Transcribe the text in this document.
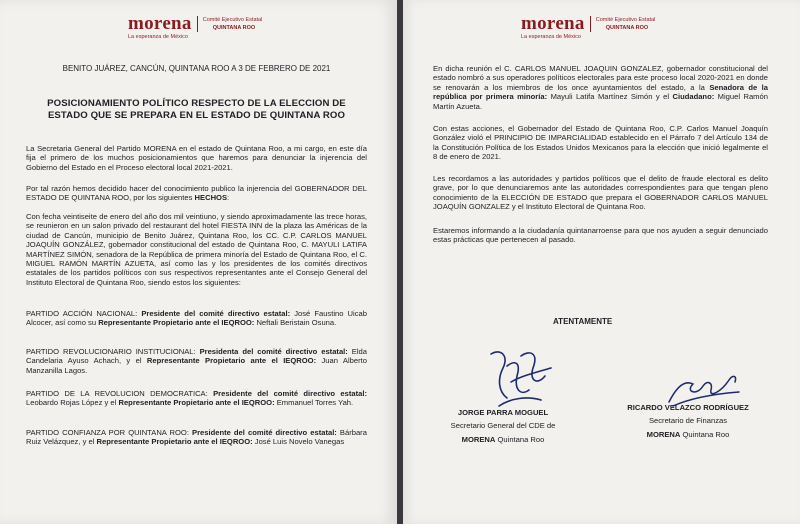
morena
La esperanza de México
Comité Ejecutivo Estatal
QUINTANA ROO
BENITO JUÁREZ, CANCÚN, QUINTANA ROO A 3 DE FEBRERO DE 2021
POSICIONAMIENTO POLÍTICO RESPECTO DE LA ELECCION DE
ESTADO QUE SE PREPARA EN EL ESTADO DE QUINTANA ROO
La Secretaria General del Partido MORENA en el estado de Quintana Roo, a mi cargo, en este día fija el primero de los muchos posicionamientos que haremos para denunciar la injerencia del Gobierno del Estado en el Proceso electoral local 2021-2021.
Por tal razón hemos decidido hacer del conocimiento publico la injerencia del GOBERNADOR DEL ESTADO DE QUINTANA ROO, por los siguientes HECHOS:
Con fecha veintiseite de enero del año dos mil veintiuno, y siendo aproximadamente las trece horas, se reunieron en un salon privado del restaurant del hotel FIESTA INN de la plaza las Américas de la ciudad de Cancún, municipio de Benito Juárez, Quintana Roo, los CC. C.P. CARLOS MANUEL JOAQUÍN GONZÁLEZ, gobernador constitucional del estado de Quintana Roo, C. MAYULI LATIFA MARTÍNEZ SIMÓN, senadora de la República de primera minoría del Estado de Quintana Roo, el C. MIGUEL RAMÓN MARTÍN AZUETA, así como las y los presidentes de los comités directivos estatales de los partidos políticos con sus respectivos representantes ante el Consejo General del Instituto Electoral de Quintana Roo, siendo estos los siguientes:
PARTIDO ACCIÓN NACIONAL: Presidente del comité directivo estatal: José Faustino Uicab Alcocer, así como su Representante Propietario ante el IEQROO: Neftali Beristain Osuna.
PARTIDO REVOLUCIONARIO INSTITUCIONAL: Presidenta del comité directivo estatal: Elda Candelaria Ayuso Achach, y el Representante Propietario ante el IEQROO: Juan Alberto Manzanilla Lagos.
PARTIDO DE LA REVOLUCION DEMOCRATICA: Presidente del comité directivo estatal: Leobardo Rojas López y el Representante Propietario ante el IEQROO: Emmanuel Torres Yah.
PARTIDO CONFIANZA POR QUINTANA ROO: Presidente del comité directivo estatal: Bárbara Ruiz Velázquez, y el Representante Propietario ante el IEQROO: José Luis Novelo Vanegas
morena
La esperanza de México
Comité Ejecutivo Estatal
QUINTANA ROO
En dicha reunión el C. CARLOS MANUEL JOAQUIN GONZALEZ, gobernador constitucional del estado nombró a sus operadores políticos electorales para este proceso local 2020-2021 en donde se renovarán a los miembros de los once ayuntamientos del estado, a la Senadora de la república por primera minoría: Mayuli Latifa Martínez Simón y el Ciudadano: Miguel Ramón Martín Azueta.
Con estas acciones, el Gobernador del Estado de Quintana Roo, C.P. Carlos Manuel Joaquín González violó el PRINCIPIO DE IMPARCIALIDAD establecido en el Párrafo 7 del Artículo 134 de la Constitución Política de los Estados Unidos Mexicanos para la elección que inició legalmente el 8 de enero de 2021.
Les recordamos a las autoridades y partidos políticos que el delito de fraude electoral es delito grave, por lo que denunciaremos ante las autoridades correspondientes para que tengan pleno conocimiento de la ELECCIÓN DE ESTADO que prepara el GOBERNADOR CARLOS MANUEL JOAQUÍN GONZALEZ y el Instituto Electoral de Quintana Roo.
Estaremos informando a la ciudadanía quintanarroense para que nos ayuden a seguir denunciado estas prácticas que pertenecen al pasado.
ATENTAMENTE
JORGE PARRA MOGUEL
Secretario General del CDE de
MORENA Quintana Roo
RICARDO VELAZCO RODRÍGUEZ
Secretario de Finanzas
MORENA Quintana Roo
